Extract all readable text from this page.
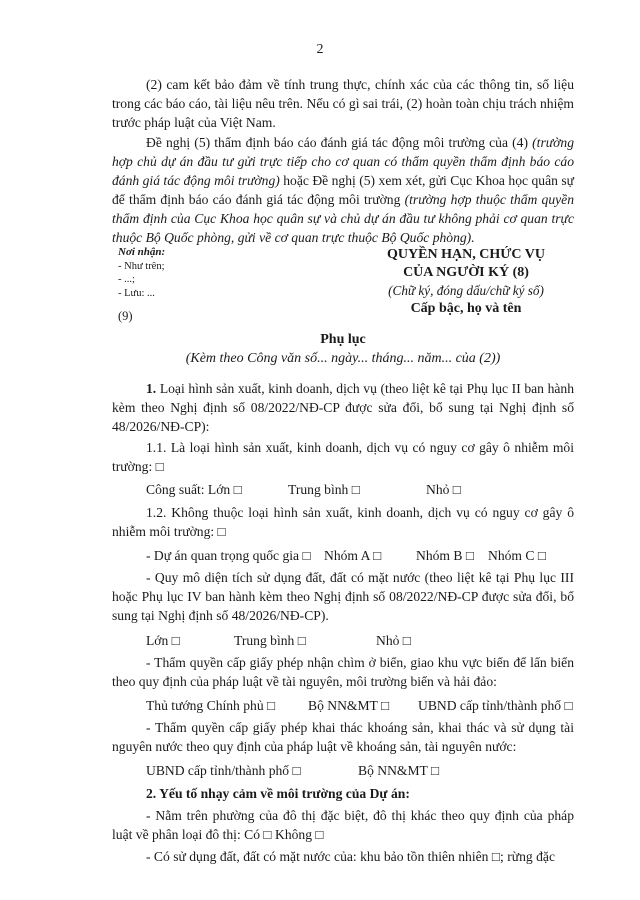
2

(2) cam kết bảo đảm về tính trung thực, chính xác của các thông tin, số liệu trong các báo cáo, tài liệu nêu trên. Nếu có gì sai trái, (2) hoàn toàn chịu trách nhiệm trước pháp luật của Việt Nam.

Đề nghị (5) thẩm định báo cáo đánh giá tác động môi trường của (4) (trường hợp chủ dự án đầu tư gửi trực tiếp cho cơ quan có thẩm quyền thẩm định báo cáo đánh giá tác động môi trường) hoặc Đề nghị (5) xem xét, gửi Cục Khoa học quân sự để thẩm định báo cáo đánh giá tác động môi trường (trường hợp thuộc thẩm quyền thẩm định của Cục Khoa học quân sự và chủ dự án đầu tư không phải cơ quan trực thuộc Bộ Quốc phòng, gửi về cơ quan trực thuộc Bộ Quốc phòng).

Nơi nhận:
- Như trên;
- ...;
- Lưu: ...
(9)
QUYỀN HẠN, CHỨC VỤ
CỦA NGƯỜI KÝ (8)
(Chữ ký, đóng dấu/chữ ký số)
Cấp bậc, họ và tên
Phụ lục
(Kèm theo Công văn số... ngày... tháng... năm... của (2))

1. Loại hình sản xuất, kinh doanh, dịch vụ (theo liệt kê tại Phụ lục II ban hành kèm theo Nghị định số 08/2022/NĐ-CP được sửa đổi, bổ sung tại Nghị định số 48/2026/NĐ-CP):

1.1. Là loại hình sản xuất, kinh doanh, dịch vụ có nguy cơ gây ô nhiễm môi trường: □

Công suất: Lớn □	Trung bình □	Nhỏ □

1.2. Không thuộc loại hình sản xuất, kinh doanh, dịch vụ có nguy cơ gây ô nhiễm môi trường: □

- Dự án quan trọng quốc gia □ Nhóm A □	Nhóm B □	Nhóm C □

- Quy mô diện tích sử dụng đất, đất có mặt nước (theo liệt kê tại Phụ lục III hoặc Phụ lục IV ban hành kèm theo Nghị định số 08/2022/NĐ-CP được sửa đổi, bổ sung tại Nghị định số 48/2026/NĐ-CP).

Lớn □	Trung bình □	Nhỏ □

- Thẩm quyền cấp giấy phép nhận chìm ở biển, giao khu vực biển để lấn biển theo quy định của pháp luật về tài nguyên, môi trường biển và hải đảo:

Thủ tướng Chính phủ □	Bộ NN&MT □	UBND cấp tỉnh/thành phố □

- Thẩm quyền cấp giấy phép khai thác khoáng sản, khai thác và sử dụng tài nguyên nước theo quy định của pháp luật về khoáng sản, tài nguyên nước:

UBND cấp tỉnh/thành phố □	Bộ NN&MT □

2. Yếu tố nhạy cảm về môi trường của Dự án:

- Nằm trên phường của đô thị đặc biệt, đô thị khác theo quy định của pháp luật về phân loại đô thị: Có □ Không □

- Có sử dụng đất, đất có mặt nước của: khu bảo tồn thiên nhiên □; rừng đặc
